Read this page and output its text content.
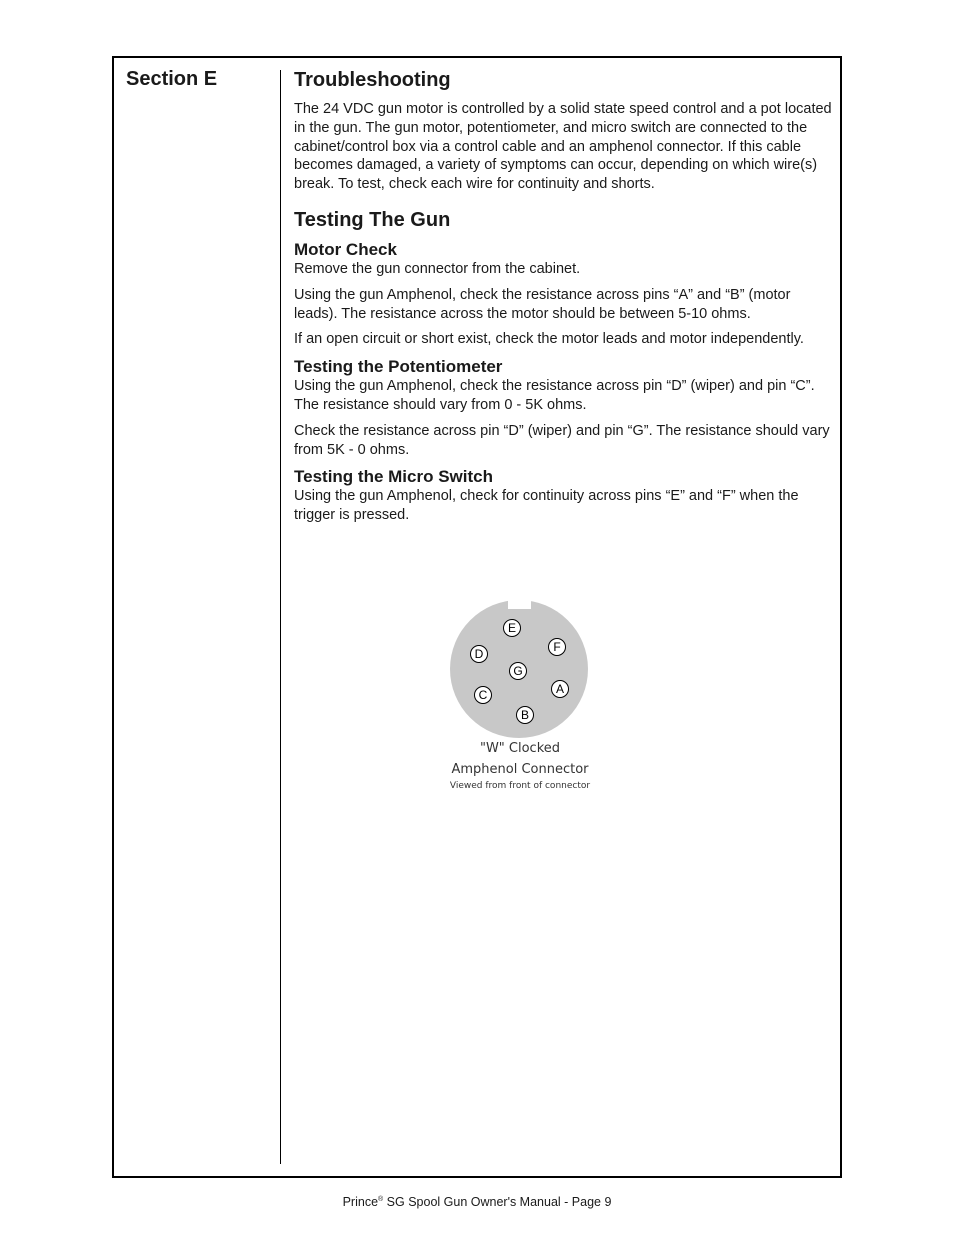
Section E	Troubleshooting

The 24 VDC gun motor is controlled by a solid state speed control and a pot located in the gun. The gun motor, potentiometer, and micro switch are connected to the cabinet/control box via a control cable and an amphenol connector. If this cable becomes damaged, a variety of symptoms can occur, depending on which wire(s) break. To test, check each wire for continuity and shorts.

Testing The Gun
Motor Check

Remove the gun connector from the cabinet.

Using the gun Amphenol, check the resistance across pins “A” and “B” (motor leads). The resistance across the motor should be between 5-10 ohms.

If an open circuit or short exist, check the motor leads and motor independently.

Testing the Potentiometer

Using the gun Amphenol, check the resistance across pin “D” (wiper) and pin “C”. The resistance should vary from 0 - 5K ohms.

Check the resistance across pin “D” (wiper) and pin “G”. The resistance should vary from 5K - 0 ohms.

Testing the Micro Switch

Using the gun Amphenol, check for continuity across pins “E” and “F” when the trigger is pressed.

E
F
D
G
A
C
B
"W" Clocked
Amphenol Connector
Viewed from front of connector
Prince® SG Spool Gun Owner's Manual - Page 9
